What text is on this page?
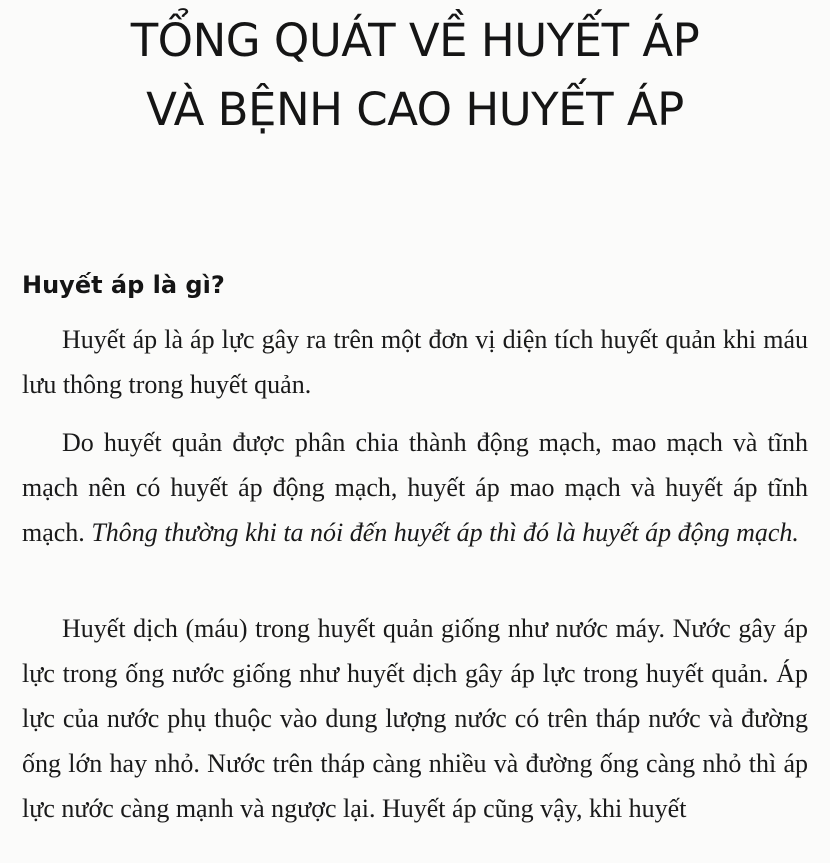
TỔNG QUÁT VỀ HUYẾT ÁP
VÀ BỆNH CAO HUYẾT ÁP
Huyết áp là gì?

Huyết áp là áp lực gây ra trên một đơn vị diện tích huyết quản khi máu lưu thông trong huyết quản.

Do huyết quản được phân chia thành động mạch, mao mạch và tĩnh mạch nên có huyết áp động mạch, huyết áp mao mạch và huyết áp tĩnh mạch. Thông thường khi ta nói đến huyết áp thì đó là huyết áp động mạch.

Huyết dịch (máu) trong huyết quản giống như nước máy. Nước gây áp lực trong ống nước giống như huyết dịch gây áp lực trong huyết quản. Áp lực của nước phụ thuộc vào dung lượng nước có trên tháp nước và đường ống lớn hay nhỏ. Nước trên tháp càng nhiều và đường ống càng nhỏ thì áp lực nước càng mạnh và ngược lại. Huyết áp cũng vậy, khi huyết
